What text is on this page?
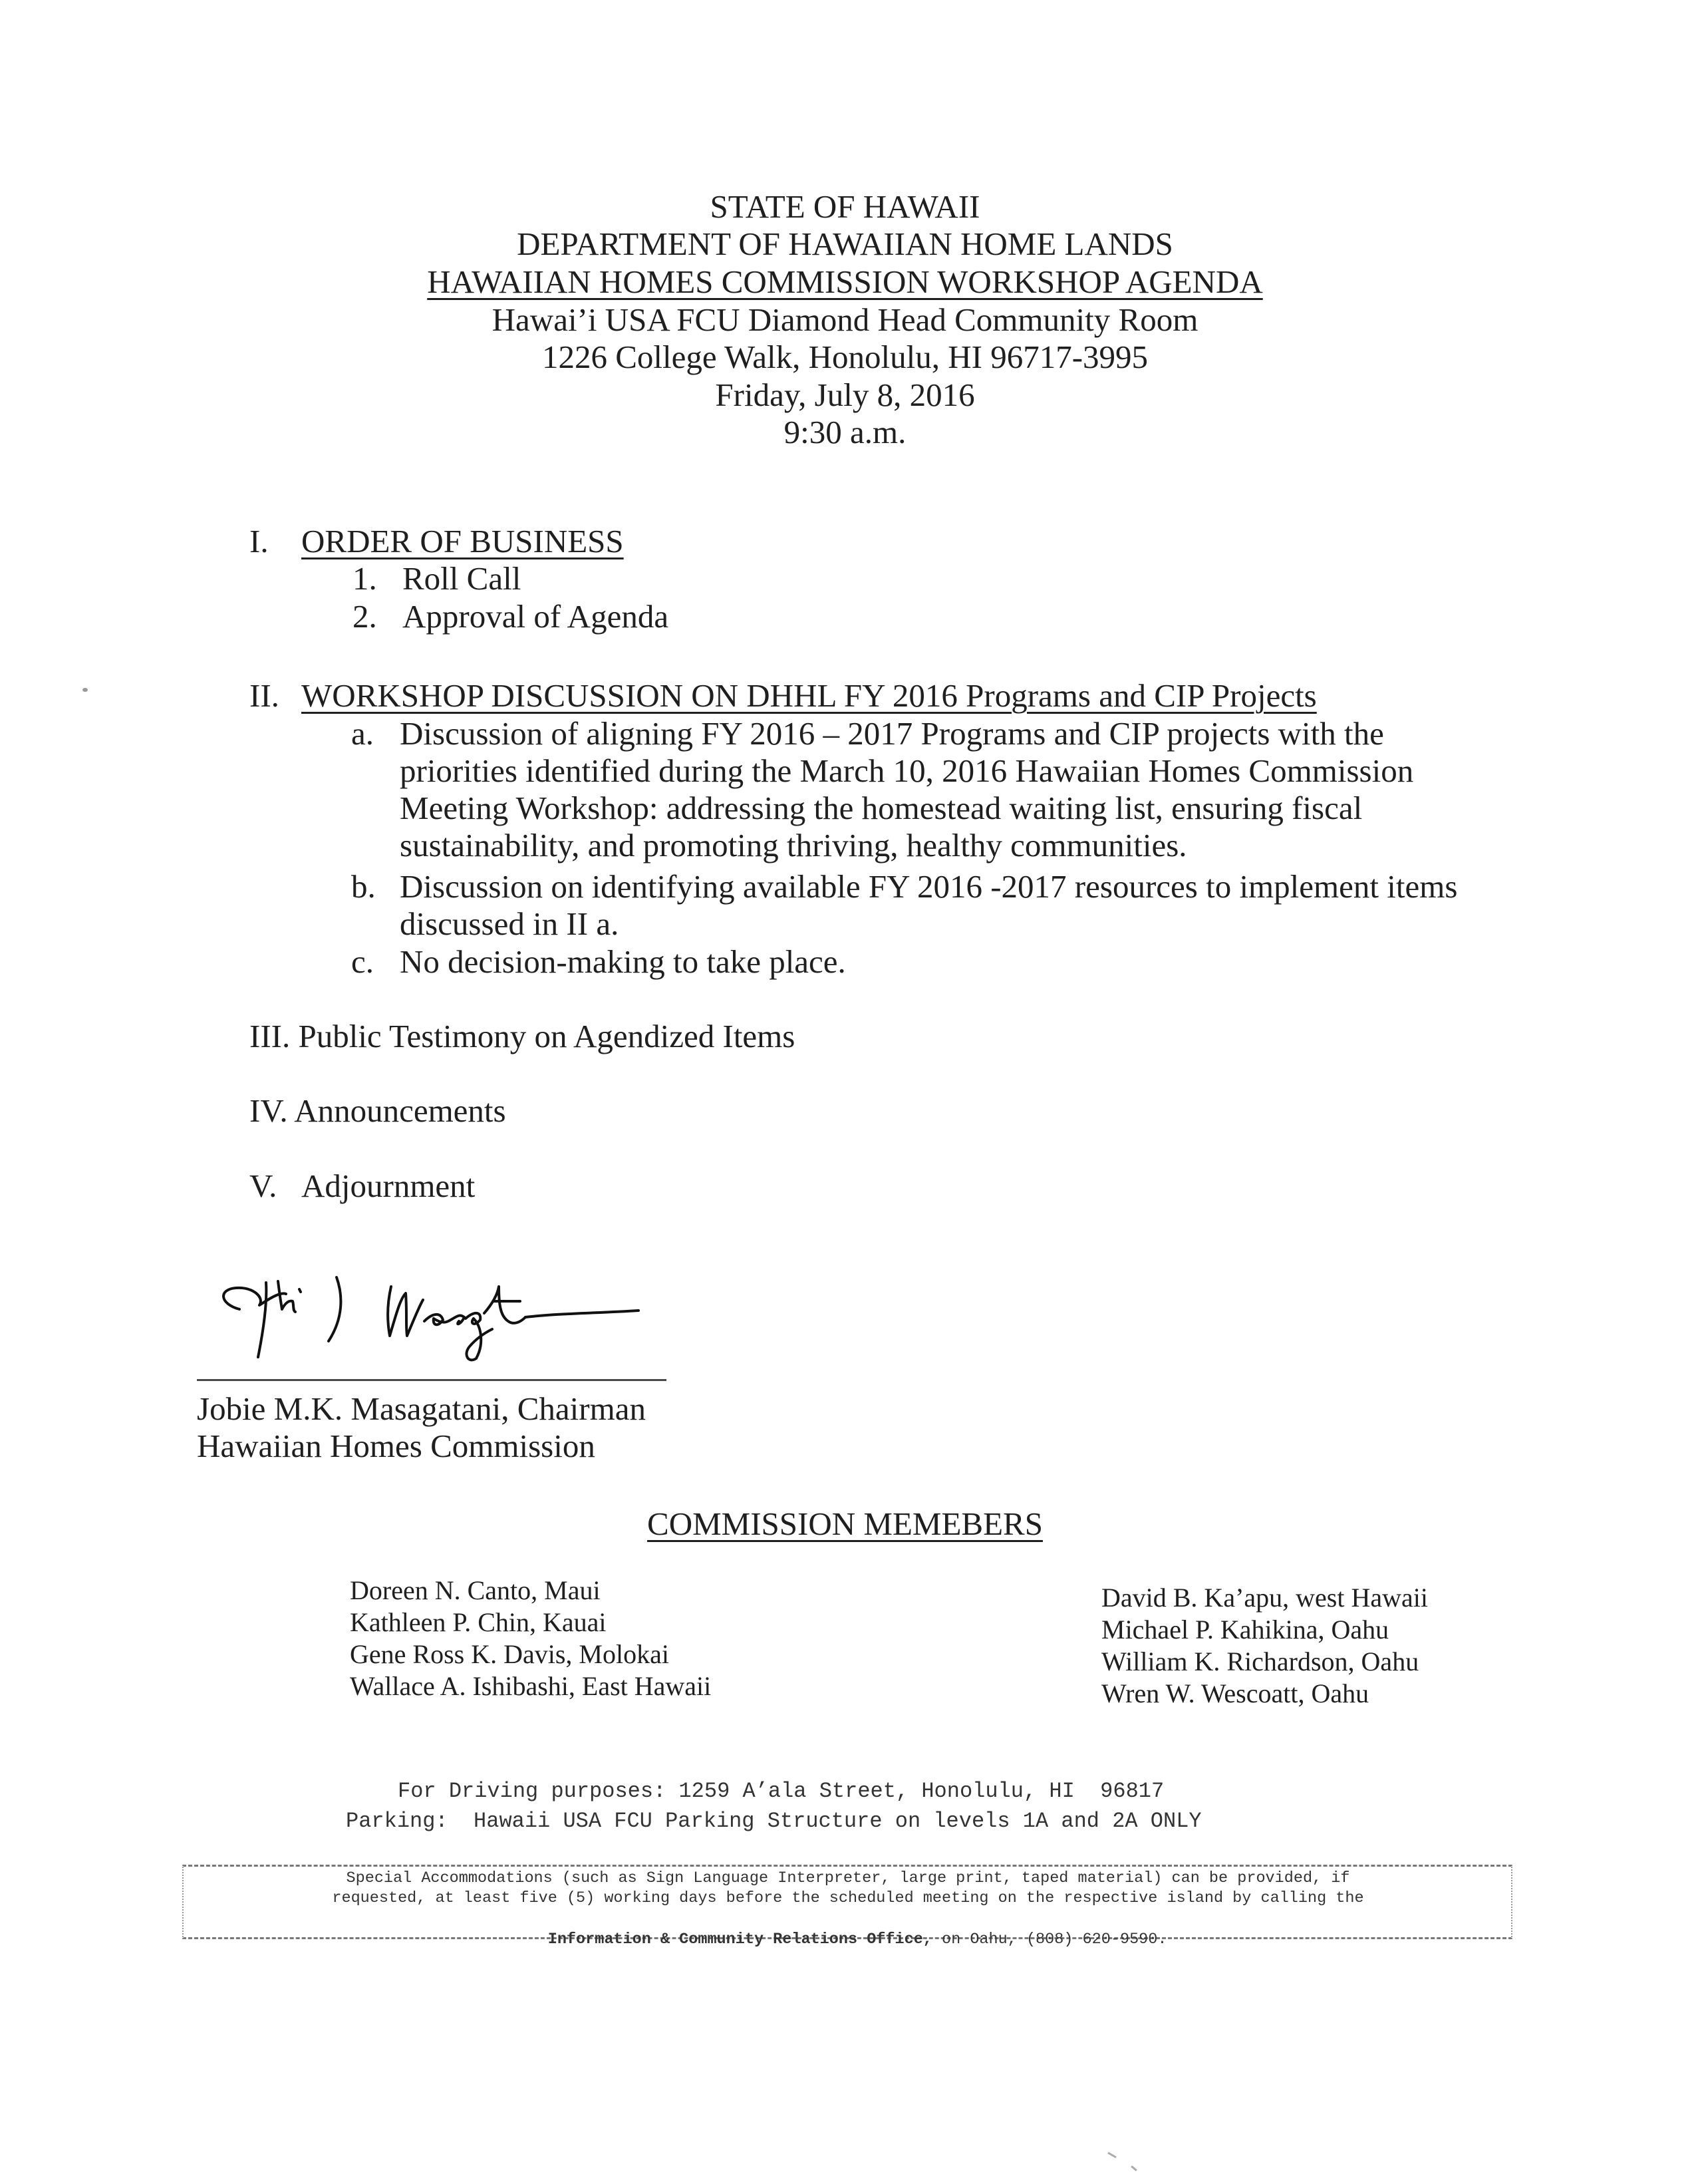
STATE OF HAWAII
DEPARTMENT OF HAWAIIAN HOME LANDS
HAWAIIAN HOMES COMMISSION WORKSHOP AGENDA
Hawai’i USA FCU Diamond Head Community Room
1226 College Walk, Honolulu, HI 96717-3995
Friday, July 8, 2016
9:30 a.m.
I. ORDER OF BUSINESS
1. Roll Call
2. Approval of Agenda
II. WORKSHOP DISCUSSION ON DHHL FY 2016 Programs and CIP Projects
a. Discussion of aligning FY 2016 – 2017 Programs and CIP projects with the priorities identified during the March 10, 2016 Hawaiian Homes Commission Meeting Workshop: addressing the homestead waiting list, ensuring fiscal sustainability, and promoting thriving, healthy communities.
b. Discussion on identifying available FY 2016 -2017 resources to implement items discussed in II a.
c. No decision-making to take place.
III. Public Testimony on Agendized Items
IV. Announcements
V. Adjournment
Jobie M.K. Masagatani, Chairman
Hawaiian Homes Commission
COMMISSION MEMEBERS
Doreen N. Canto, Maui
Kathleen P. Chin, Kauai
Gene Ross K. Davis, Molokai
Wallace A. Ishibashi, East Hawaii
David B. Ka’apu, west Hawaii
Michael P. Kahikina, Oahu
William K. Richardson, Oahu
Wren W. Wescoatt, Oahu
For Driving purposes: 1259 A’ala Street, Honolulu, HI  96817
Parking:  Hawaii USA FCU Parking Structure on levels 1A and 2A ONLY
Special Accommodations (such as Sign Language Interpreter, large print, taped material) can be provided, if
requested, at least five (5) working days before the scheduled meeting on the respective island by calling the

Information & Community Relations Office, on Oahu, (808) 620-9590.
